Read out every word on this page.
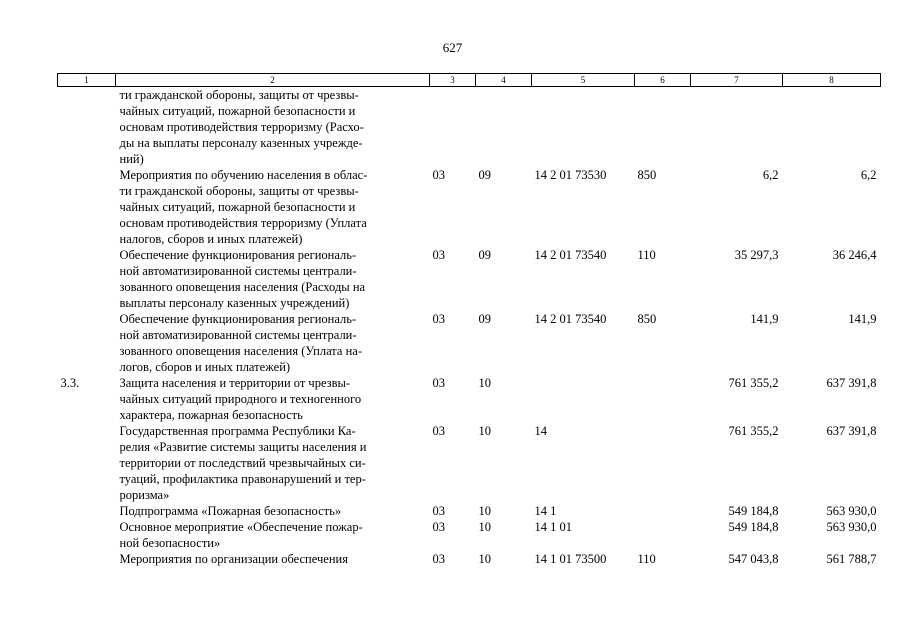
627
1	2	3	4	5	6	7	8
	ти гражданской обороны, защиты от чрезвы-
чайных ситуаций, пожарной безопасности и
основам противодействия терроризму (Расхо-
ды на выплаты персоналу казенных учрежде-
ний)						
	Мероприятия по обучению населения в облас-
ти гражданской обороны, защиты от чрезвы-
чайных ситуаций, пожарной безопасности и
основам противодействия терроризму (Уплата
налогов, сборов и иных платежей)	03	09	14 2 01 73530	850	6,2	6,2
	Обеспечение функционирования региональ-
ной автоматизированной системы централи-
зованного оповещения населения (Расходы на
выплаты персоналу казенных учреждений)	03	09	14 2 01 73540	110	35 297,3	36 246,4
	Обеспечение функционирования региональ-
ной автоматизированной системы централи-
зованного оповещения населения (Уплата на-
логов, сборов и иных платежей)	03	09	14 2 01 73540	850	141,9	141,9
3.3.	Защита населения и территории от чрезвы-
чайных ситуаций природного и техногенного
характера, пожарная безопасность	03	10			761 355,2	637 391,8
	Государственная программа Республики Ка-
релия «Развитие системы защиты населения и
территории от последствий чрезвычайных си-
туаций, профилактика правонарушений и тер-
роризма»	03	10	14		761 355,2	637 391,8
	Подпрограмма «Пожарная безопасность»	03	10	14 1		549 184,8	563 930,0
	Основное мероприятие «Обеспечение пожар-
ной безопасности»	03	10	14 1 01		549 184,8	563 930,0
	Мероприятия по организации обеспечения	03	10	14 1 01 73500	110	547 043,8	561 788,7
